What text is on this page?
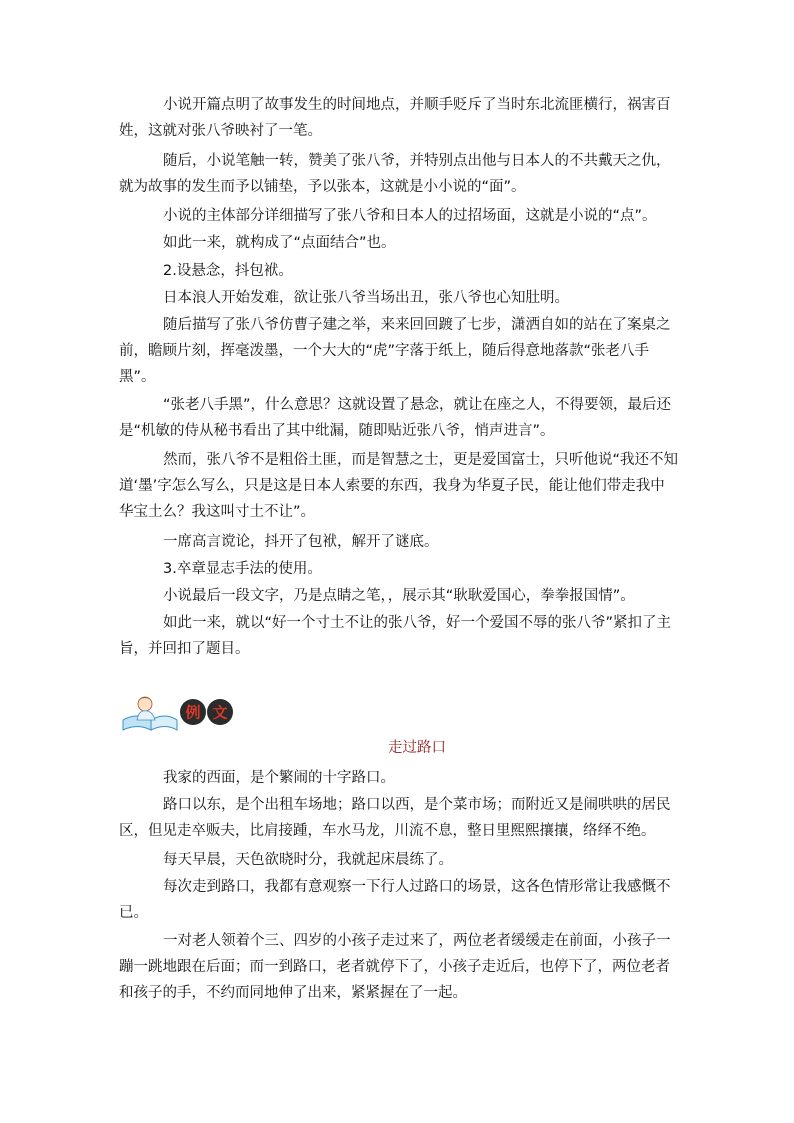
小说开篇点明了故事发生的时间地点，并顺手贬斥了当时东北流匪横行，祸害百姓，这就对张八爷映衬了一笔。

随后，小说笔触一转，赞美了张八爷，并特别点出他与日本人的不共戴天之仇，就为故事的发生而予以铺垫，予以张本，这就是小小说的“面”。

小说的主体部分详细描写了张八爷和日本人的过招场面，这就是小说的“点”。

如此一来，就构成了“点面结合”也。

2.设悬念，抖包袱。

日本浪人开始发难，欲让张八爷当场出丑，张八爷也心知肚明。

随后描写了张八爷仿曹子建之举，来来回回踱了七步，潇洒自如的站在了案桌之前，瞻顾片刻，挥毫泼墨，一个大大的“虎”字落于纸上，随后得意地落款“张老八手黑”。

“张老八手黑”，什么意思？这就设置了悬念，就让在座之人，不得要领，最后还是“机敏的侍从秘书看出了其中纰漏，随即贴近张八爷，悄声进言”。

然而，张八爷不是粗俗土匪，而是智慧之士，更是爱国富士，只听他说“我还不知道‘墨’字怎么写么，只是这是日本人索要的东西，我身为华夏子民，能让他们带走我中华宝土么？我这叫寸土不让”。

一席高言谠论，抖开了包袱，解开了谜底。

3.卒章显志手法的使用。

小说最后一段文字，乃是点睛之笔，，展示其“耿耿爱国心，拳拳报国情”。

如此一来，就以“好一个寸土不让的张八爷，好一个爱国不辱的张八爷”紧扣了主旨，并回扣了题目。

例 文
走过路口

我家的西面，是个繁闹的十字路口。

路口以东，是个出租车场地；路口以西，是个菜市场；而附近又是闹哄哄的居民区，但见走卒贩夫，比肩接踵，车水马龙，川流不息，整日里熙熙攘攘，络绎不绝。

每天早晨，天色欲晓时分，我就起床晨练了。

每次走到路口，我都有意观察一下行人过路口的场景，这各色情形常让我感慨不已。

一对老人领着个三、四岁的小孩子走过来了，两位老者缓缓走在前面，小孩子一蹦一跳地跟在后面；而一到路口，老者就停下了，小孩子走近后，也停下了，两位老者和孩子的手，不约而同地伸了出来，紧紧握在了一起。
